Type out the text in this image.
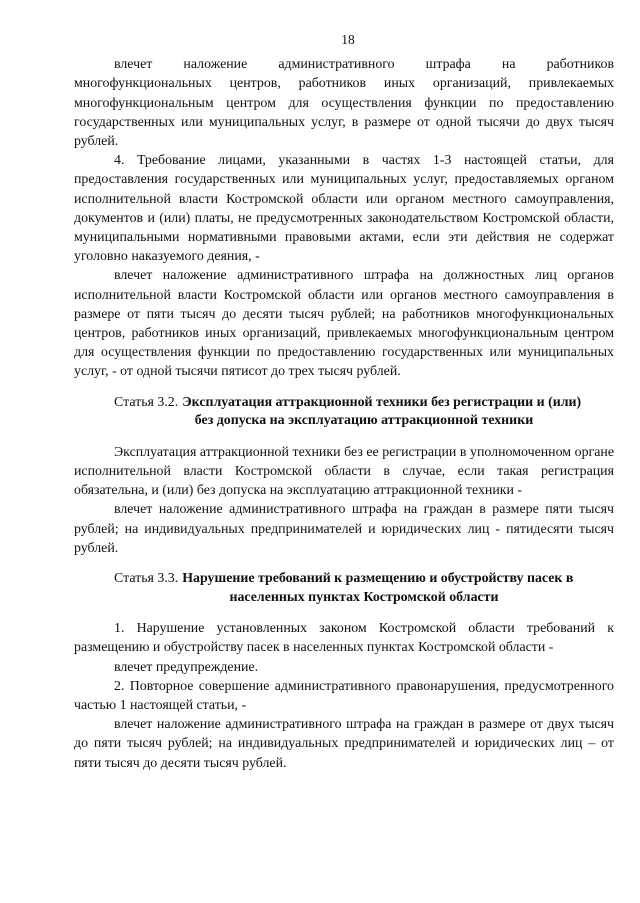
18

влечет наложение административного штрафа на работников многофункциональных центров, работников иных организаций, привлекаемых многофункциональным центром для осуществления функции по предоставлению государственных или муниципальных услуг, в размере от одной тысячи до двух тысяч рублей.

4. Требование лицами, указанными в частях 1-3 настоящей статьи, для предоставления государственных или муниципальных услуг, предоставляемых органом исполнительной власти Костромской области или органом местного самоуправления, документов и (или) платы, не предусмотренных законодательством Костромской области, муниципальными нормативными правовыми актами, если эти действия не содержат уголовно наказуемого деяния, -

влечет наложение административного штрафа на должностных лиц органов исполнительной власти Костромской области или органов местного самоуправления в размере от пяти тысяч до десяти тысяч рублей; на работников многофункциональных центров, работников иных организаций, привлекаемых многофункциональным центром для осуществления функции по предоставлению государственных или муниципальных услуг, - от одной тысячи пятисот до трех тысяч рублей.

Статья 3.2. Эксплуатация аттракционной техники без регистрации и (или)
без допуска на эксплуатацию аттракционной техники

Эксплуатация аттракционной техники без ее регистрации в уполномоченном органе исполнительной власти Костромской области в случае, если такая регистрация обязательна, и (или) без допуска на эксплуатацию аттракционной техники -

влечет наложение административного штрафа на граждан в размере пяти тысяч рублей; на индивидуальных предпринимателей и юридических лиц - пятидесяти тысяч рублей.

Статья 3.3. Нарушение требований к размещению и обустройству пасек в
населенных пунктах Костромской области

1. Нарушение установленных законом Костромской области требований к размещению и обустройству пасек в населенных пунктах Костромской области -

влечет предупреждение.

2. Повторное совершение административного правонарушения, предусмотренного частью 1 настоящей статьи, -

влечет наложение административного штрафа на граждан в размере от двух тысяч до пяти тысяч рублей; на индивидуальных предпринимателей и юридических лиц – от пяти тысяч до десяти тысяч рублей.
